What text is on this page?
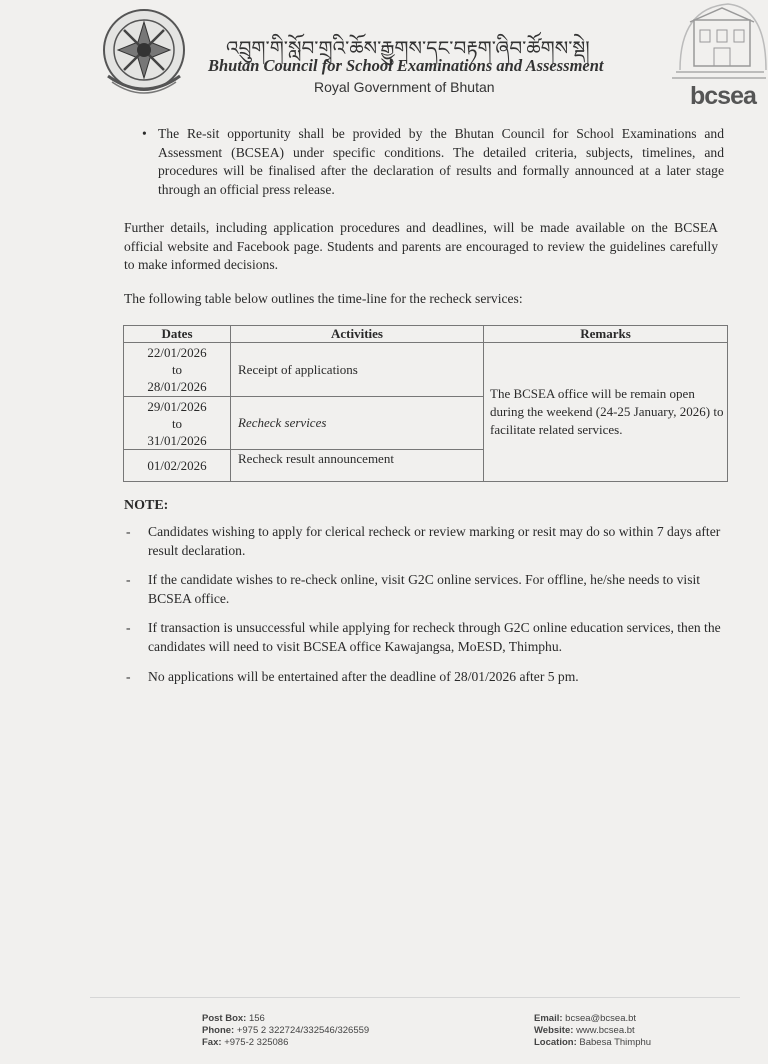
འབྲུག་གི་སློབ་གྲྭའི་ཆོས་རྒྱུགས་དང་བརྟག་ཞིབ་ཚོགས་སྡེ།
Bhutan Council for School Examinations and Assessment
Royal Government of Bhutan	bcsea
• The Re-sit opportunity shall be provided by the Bhutan Council for School Examinations and Assessment (BCSEA) under specific conditions. The detailed criteria, subjects, timelines, and procedures will be finalised after the declaration of results and formally announced at a later stage through an official press release.

Further details, including application procedures and deadlines, will be made available on the BCSEA official website and Facebook page. Students and parents are encouraged to review the guidelines carefully to make informed decisions.

The following table below outlines the time-line for the recheck services:

Dates	Activities	Remarks

22/01/2026
to
28/01/2026	Receipt of applications	The BCSEA office will be remain open during the weekend (24-25 January, 2026) to facilitate related services.

29/01/2026
to
31/01/2026	Recheck services	
01/02/2026	Recheck result announcement	

NOTE:

- Candidates wishing to apply for clerical recheck or review marking or resit may do so within 7 days after result declaration.
- If the candidate wishes to re-check online, visit G2C online services. For offline, he/she needs to visit BCSEA office.
- If transaction is unsuccessful while applying for recheck through G2C online education services, then the candidates will need to visit BCSEA office Kawajangsa, MoESD, Thimphu.
- No applications will be entertained after the deadline of 28/01/2026 after 5 pm.
Post Box: 156
Phone: +975 2 322724/332546/326559
Fax: +975-2 325086
Email: bcsea@bcsea.bt
Website: www.bcsea.bt
Location: Babesa Thimphu
